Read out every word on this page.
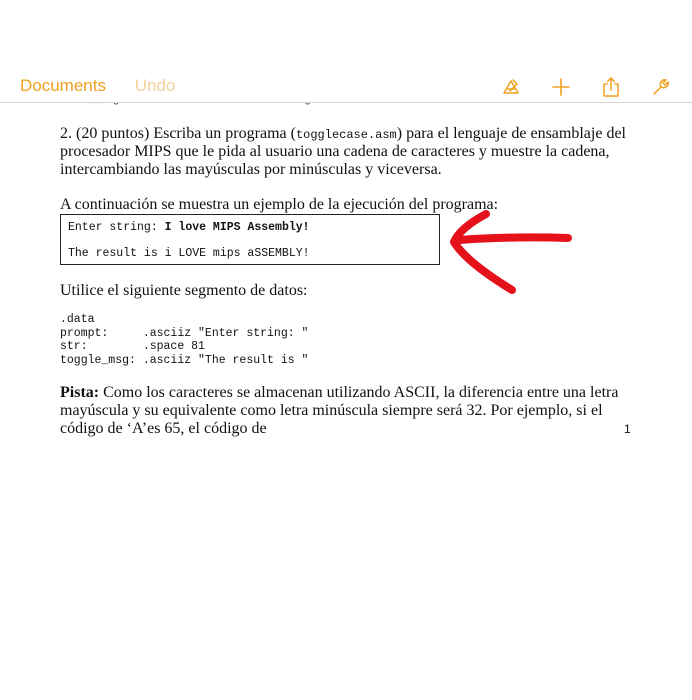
Documents Undo

2. (20 puntos) Escriba un programa (togglecase.asm) para el lenguaje de ensamblaje del procesador MIPS que le pida al usuario una cadena de caracteres y muestre la cadena, intercambiando las mayúsculas por minúsculas y viceversa.

A continuación se muestra un ejemplo de la ejecución del programa:

Enter string: I love MIPS Assembly!
The result is i LOVE mips aSSEMBLY!

Utilice el siguiente segmento de datos:

.data
prompt:     .asciiz "Enter string: "
str:        .space 81
toggle_msg: .asciiz "The result is "

Pista: Como los caracteres se almacenan utilizando ASCII, la diferencia entre una letra mayúscula y su equivalente como letra minúscula siempre será 32. Por ejemplo, si el código de ‘A’es 65, el código de	1
